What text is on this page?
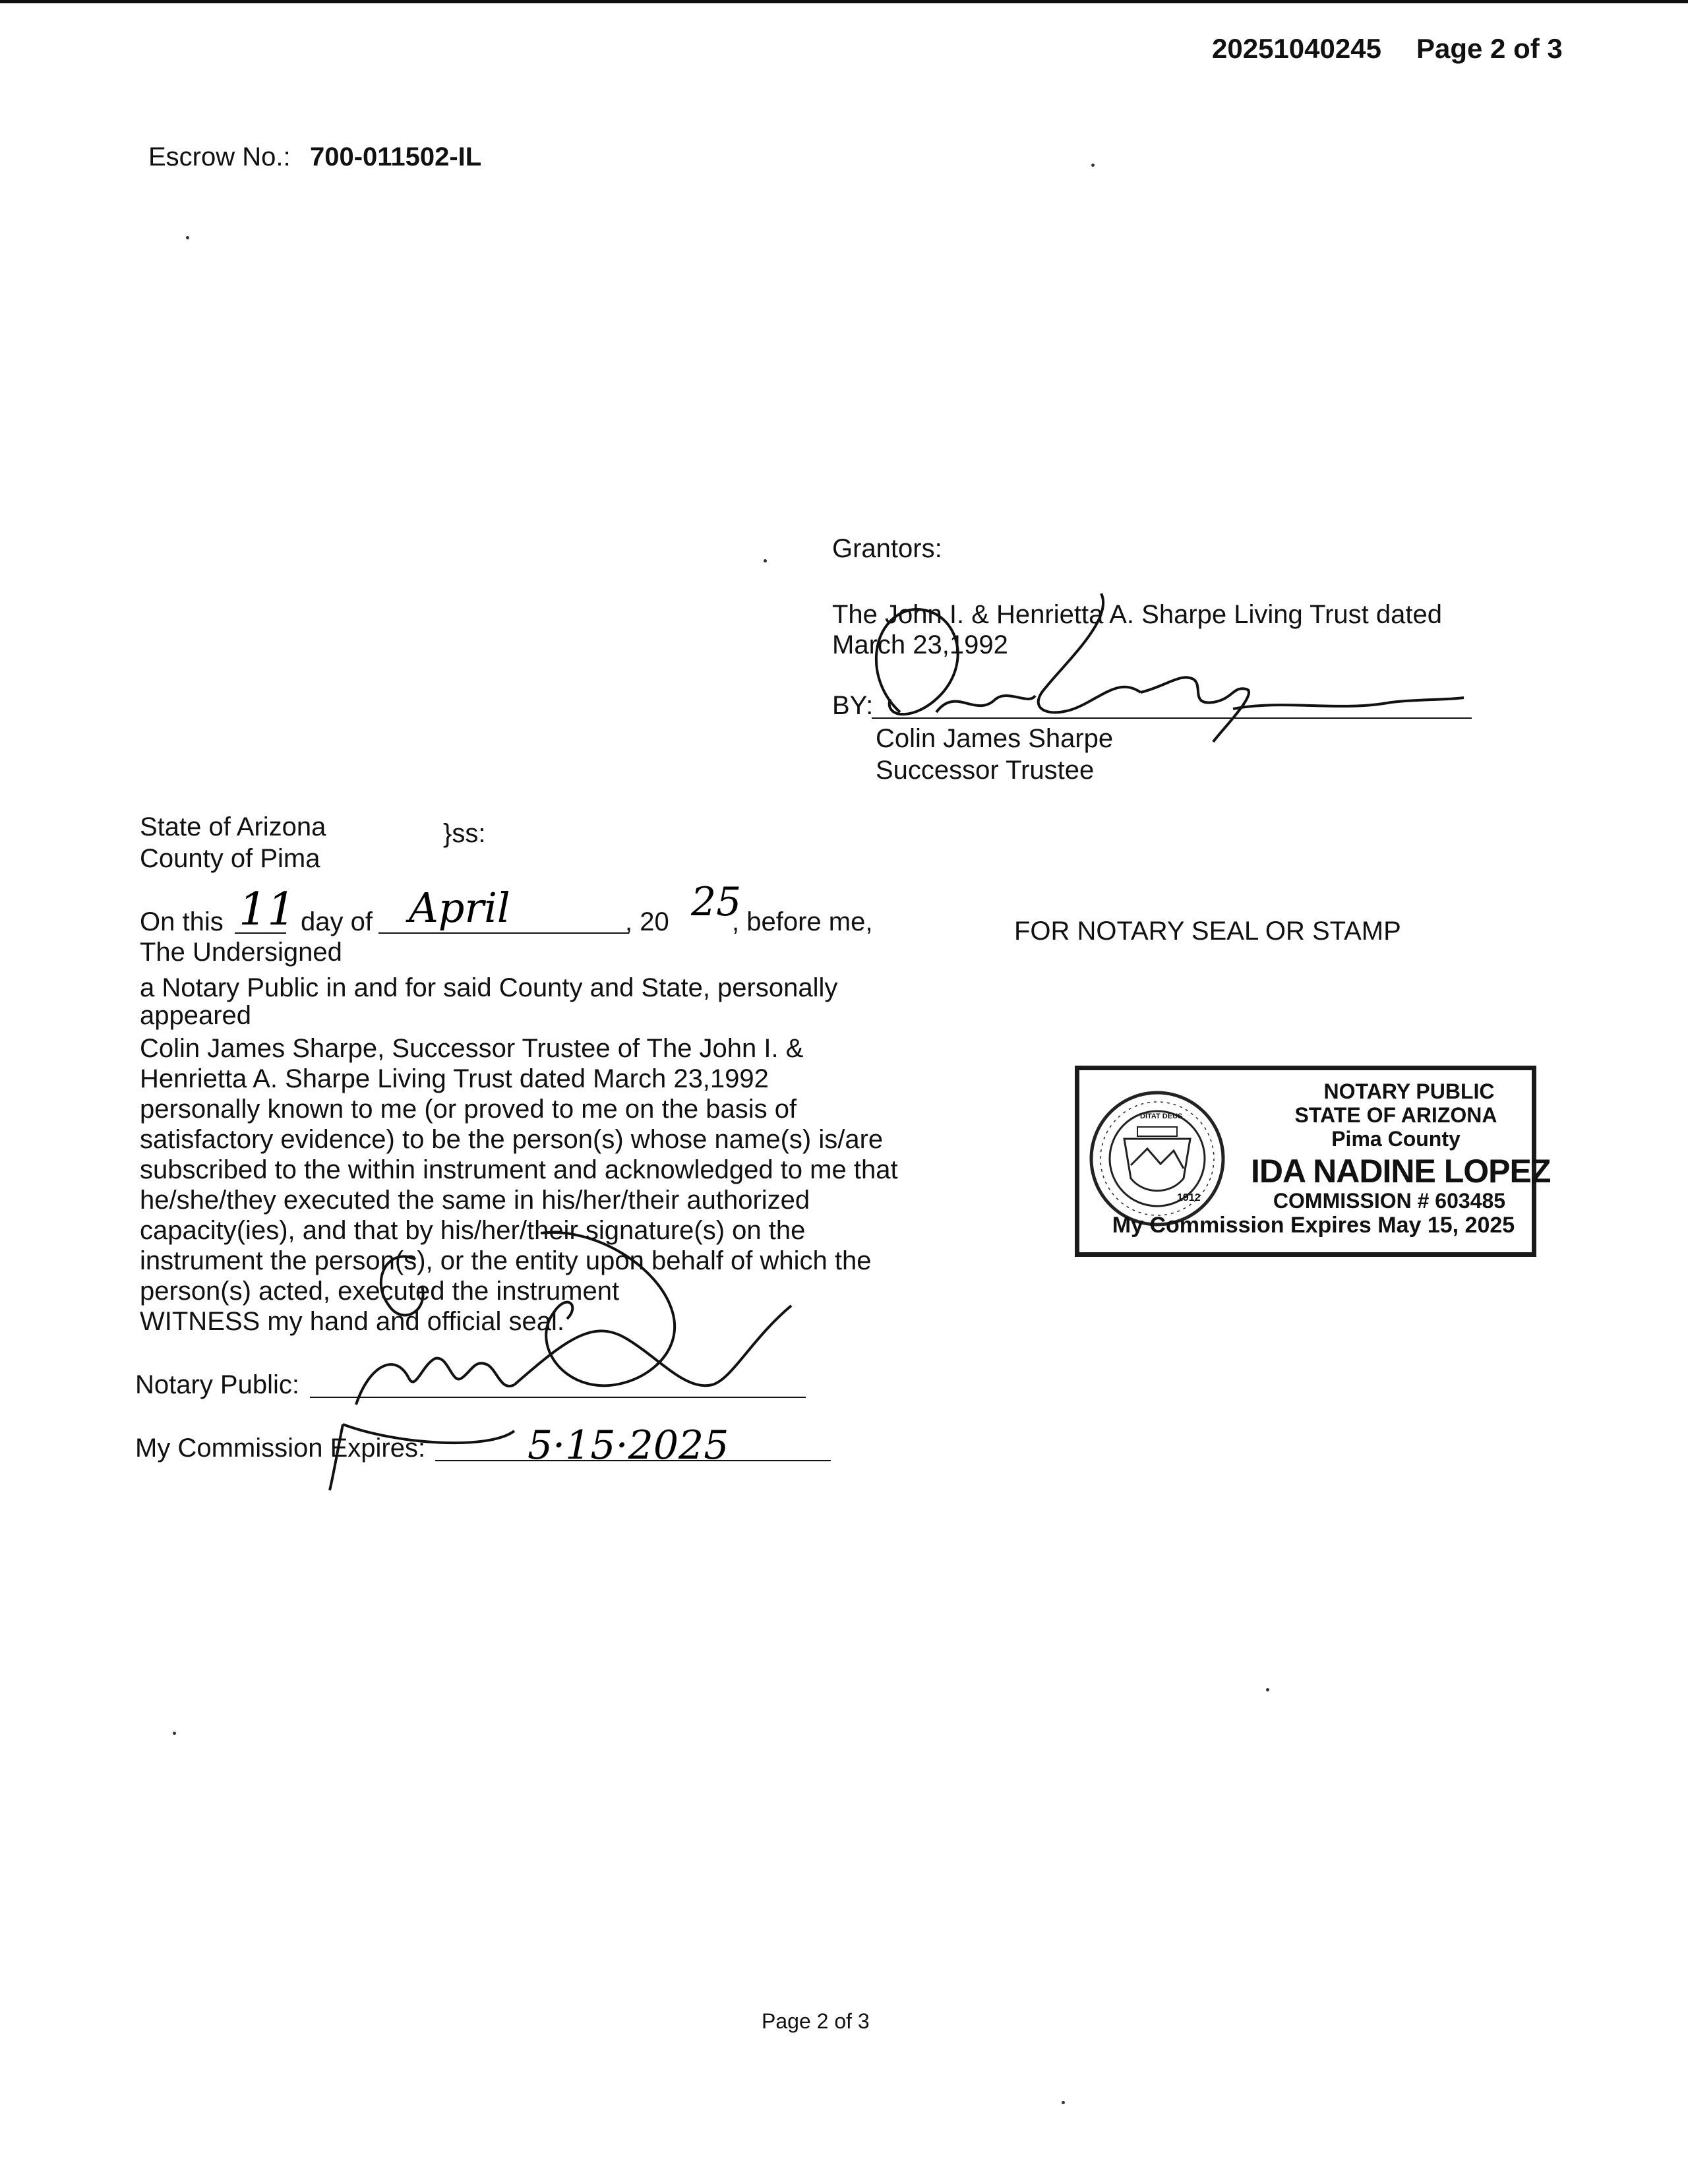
20251040245 Page 2 of 3
Escrow No.: 700-011502-IL
Grantors:
The John I. & Henrietta A. Sharpe Living Trust dated
March 23,1992
BY:
Colin James Sharpe
Successor Trustee
State of Arizona
County of Pima
}ss:
On this 11 day of April	, 20 25
, before me,
The Undersigned
a Notary Public in and for said County and State, personally
appeared
Colin James Sharpe, Successor Trustee of The John I. &
Henrietta A. Sharpe Living Trust dated March 23,1992
personally known to me (or proved to me on the basis of
satisfactory evidence) to be the person(s) whose name(s) is/are
subscribed to the within instrument and acknowledged to me that
he/she/they executed the same in his/her/their authorized
capacity(ies), and that by his/her/their signature(s) on the
instrument the person(s), or the entity upon behalf of which the
person(s) acted, executed the instrument
WITNESS my hand and official seal.
Notary Public:
My Commission Expires:	5·15·2025
FOR NOTARY SEAL OR STAMP
1912
DITAT DEUS
NOTARY PUBLIC
STATE OF ARIZONA
Pima County
IDA NADINE LOPEZ
COMMISSION # 603485
My Commission Expires May 15, 2025
Page 2 of 3
